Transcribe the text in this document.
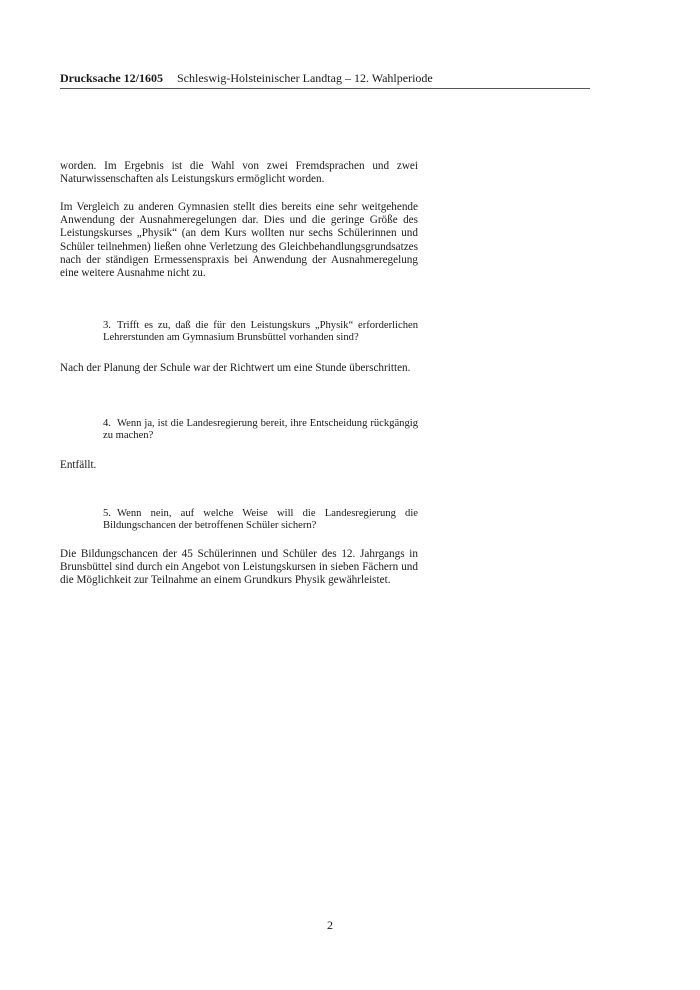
Drucksache 12/1605 Schleswig-Holsteinischer Landtag – 12. Wahlperiode

worden. Im Ergebnis ist die Wahl von zwei Fremdsprachen und zwei Naturwissenschaften als Leistungskurs ermöglicht worden.

Im Vergleich zu anderen Gymnasien stellt dies bereits eine sehr weitgehende Anwendung der Ausnahmeregelungen dar. Dies und die geringe Größe des Leistungskurses „Physik“ (an dem Kurs wollten nur sechs Schülerinnen und Schüler teilnehmen) ließen ohne Verletzung des Gleichbehandlungsgrundsatzes nach der ständigen Ermessenspraxis bei Anwendung der Ausnahmeregelung eine weitere Ausnahme nicht zu.

3. Trifft es zu, daß die für den Leistungskurs „Physik“ erforderlichen Lehrerstunden am Gymnasium Brunsbüttel vorhanden sind?

Nach der Planung der Schule war der Richtwert um eine Stunde überschritten.

4. Wenn ja, ist die Landesregierung bereit, ihre Entscheidung rückgängig zu machen?

Entfällt.

5. Wenn nein, auf welche Weise will die Landesregierung die Bildungschancen der betroffenen Schüler sichern?

Die Bildungschancen der 45 Schülerinnen und Schüler des 12. Jahrgangs in Brunsbüttel sind durch ein Angebot von Leistungskursen in sieben Fächern und die Möglichkeit zur Teilnahme an einem Grundkurs Physik gewährleistet.

2
